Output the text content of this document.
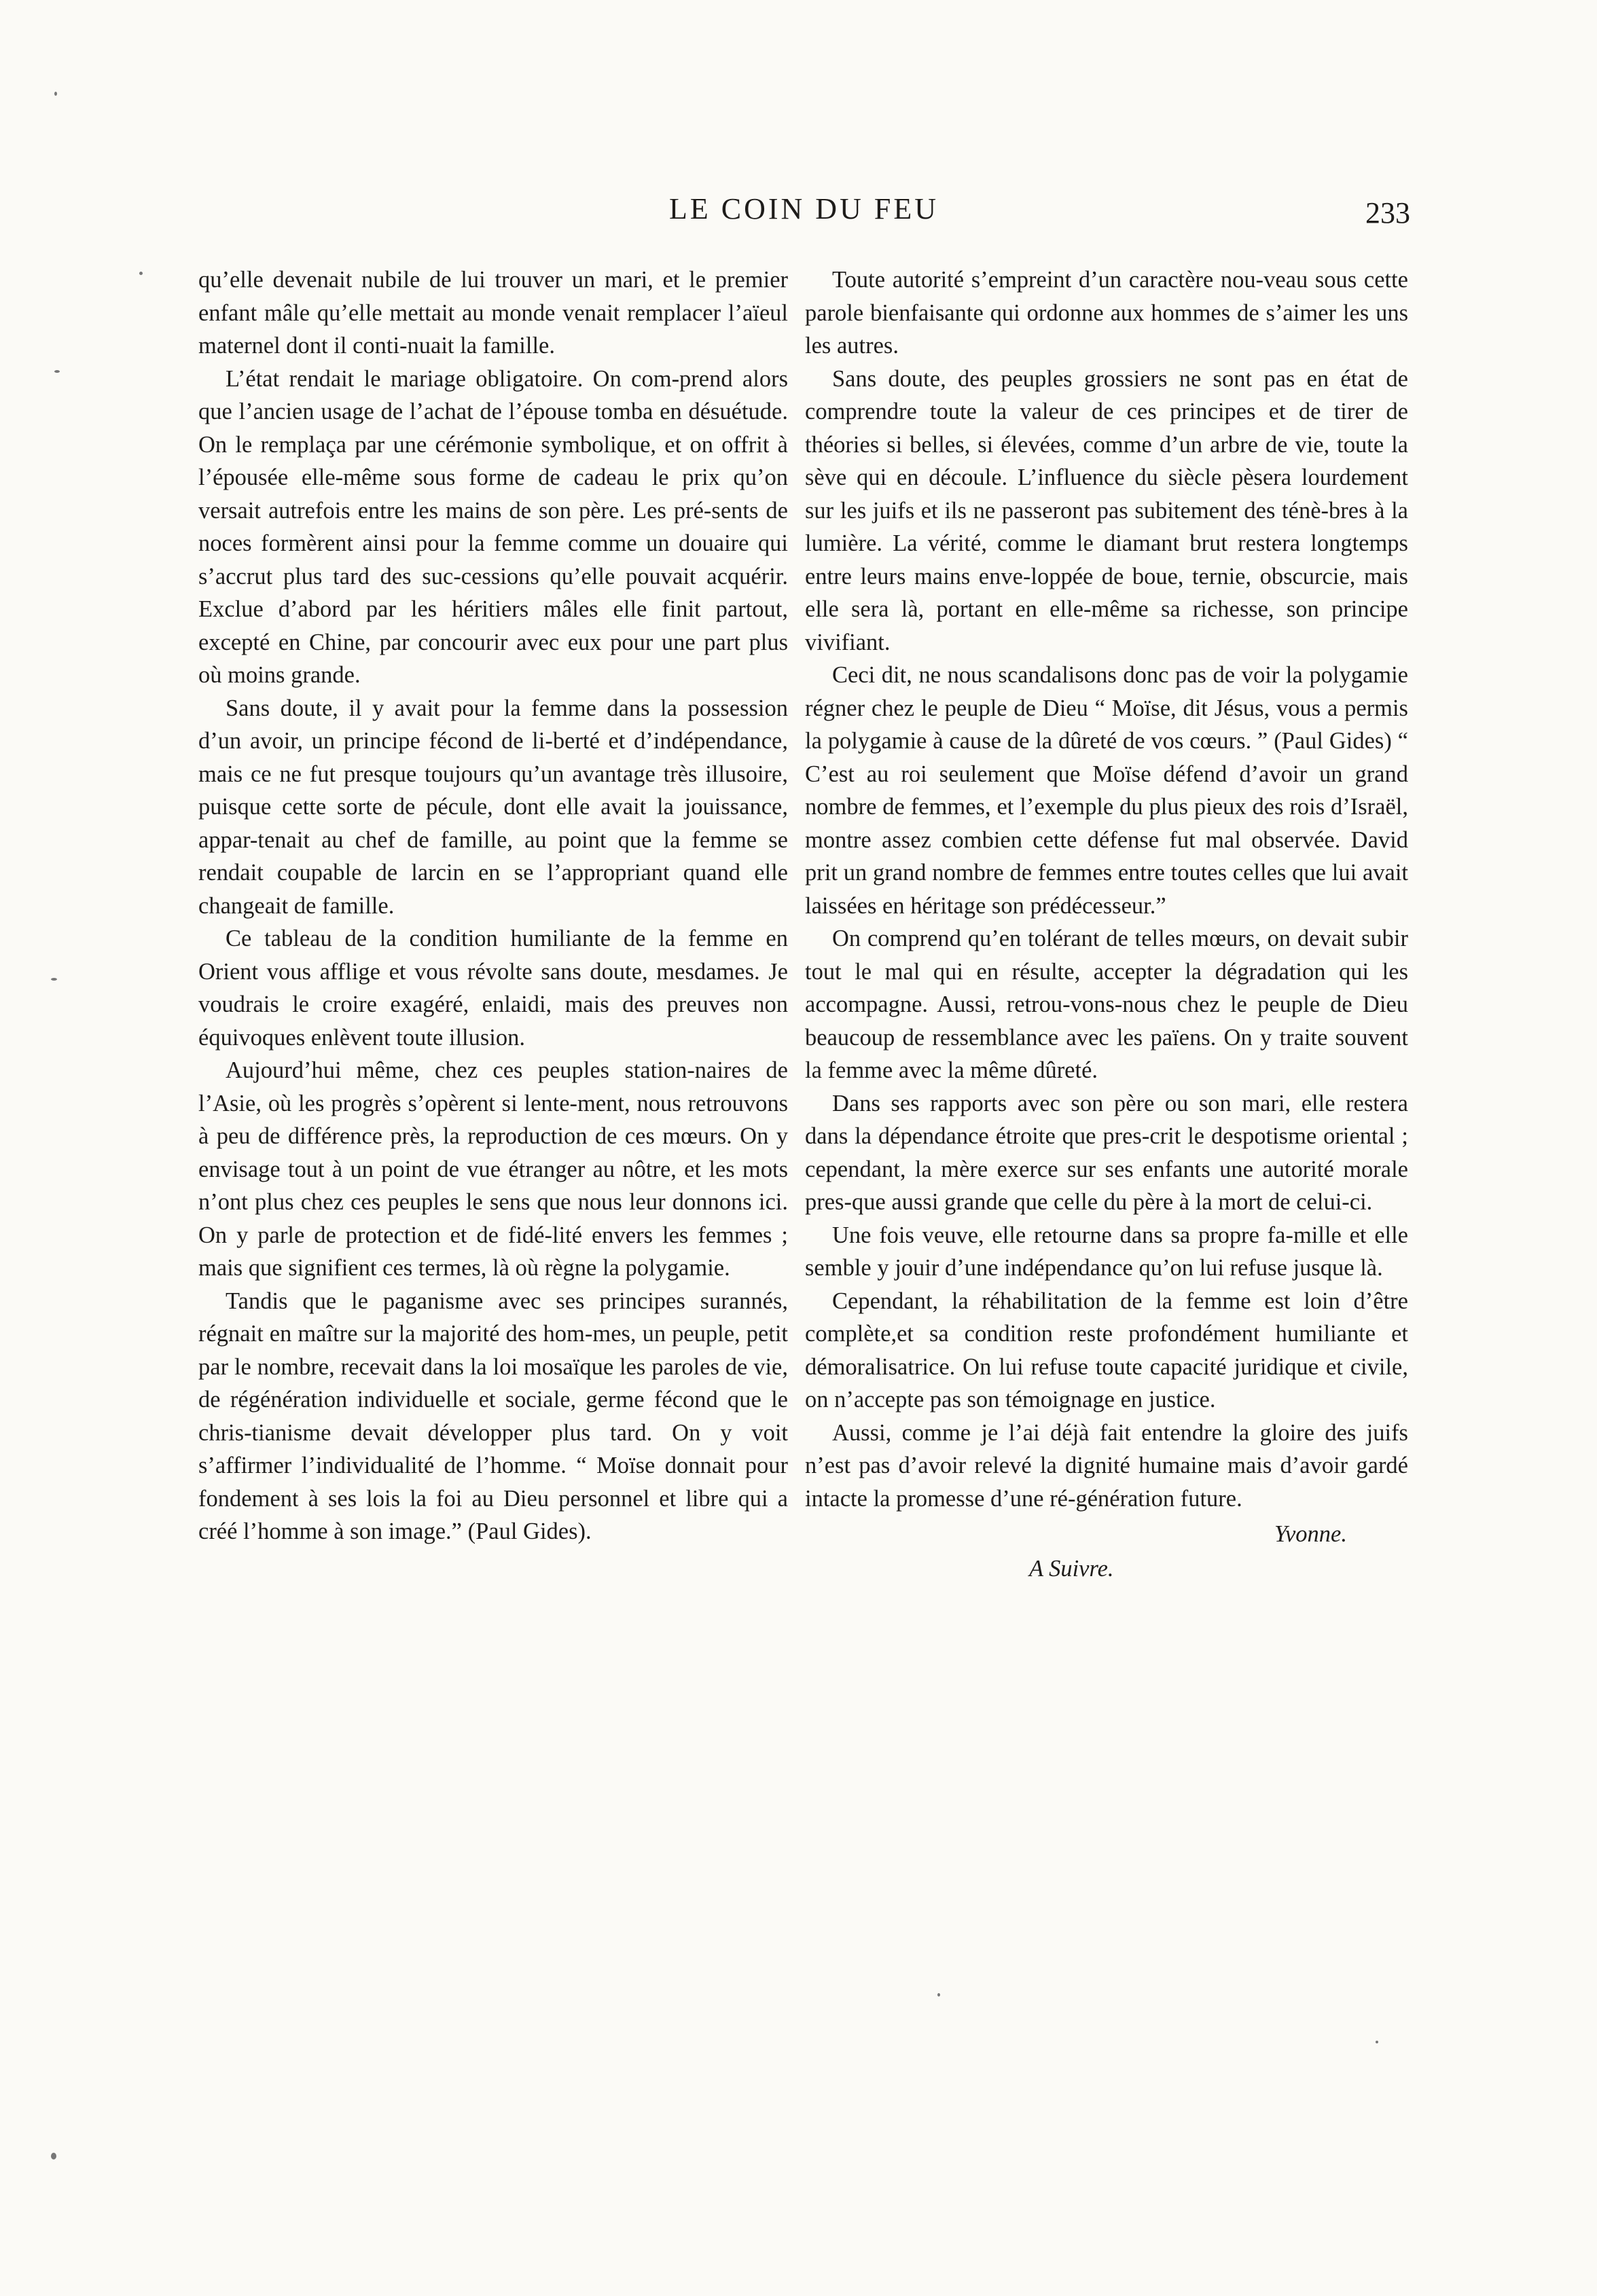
LE COIN DU FEU	233

qu’elle devenait nubile de lui trouver un mari, et le premier enfant mâle qu’elle mettait au monde venait remplacer l’aïeul maternel dont il conti-nuait la famille.

L’état rendait le mariage obligatoire. On com-prend alors que l’ancien usage de l’achat de l’épouse tomba en désuétude. On le remplaça par une cérémonie symbolique, et on offrit à l’épousée elle-même sous forme de cadeau le prix qu’on versait autrefois entre les mains de son père. Les pré-sents de noces formèrent ainsi pour la femme comme un douaire qui s’accrut plus tard des suc-cessions qu’elle pouvait acquérir. Exclue d’abord par les héritiers mâles elle finit partout, excepté en Chine, par concourir avec eux pour une part plus où moins grande.

Sans doute, il y avait pour la femme dans la possession d’un avoir, un principe fécond de li-berté et d’indépendance, mais ce ne fut presque toujours qu’un avantage très illusoire, puisque cette sorte de pécule, dont elle avait la jouissance, appar-tenait au chef de famille, au point que la femme se rendait coupable de larcin en se l’appropriant quand elle changeait de famille.

Ce tableau de la condition humiliante de la femme en Orient vous afflige et vous révolte sans doute, mesdames. Je voudrais le croire exagéré, enlaidi, mais des preuves non équivoques enlèvent toute illusion.

Aujourd’hui même, chez ces peuples station-naires de l’Asie, où les progrès s’opèrent si lente-ment, nous retrouvons à peu de différence près, la reproduction de ces mœurs. On y envisage tout à un point de vue étranger au nôtre, et les mots n’ont plus chez ces peuples le sens que nous leur donnons ici. On y parle de protection et de fidé-lité envers les femmes ; mais que signifient ces termes, là où règne la polygamie.

Tandis que le paganisme avec ses principes surannés, régnait en maître sur la majorité des hom-mes, un peuple, petit par le nombre, recevait dans la loi mosaïque les paroles de vie, de régénération individuelle et sociale, germe fécond que le chris-tianisme devait développer plus tard. On y voit s’affirmer l’individualité de l’homme. “ Moïse donnait pour fondement à ses lois la foi au Dieu personnel et libre qui a créé l’homme à son image.” (Paul Gides).

Toute autorité s’empreint d’un caractère nou-veau sous cette parole bienfaisante qui ordonne aux hommes de s’aimer les uns les autres.

Sans doute, des peuples grossiers ne sont pas en état de comprendre toute la valeur de ces principes et de tirer de théories si belles, si élevées, comme d’un arbre de vie, toute la sève qui en découle. L’influence du siècle pèsera lourdement sur les juifs et ils ne passeront pas subitement des ténè-bres à la lumière. La vérité, comme le diamant brut restera longtemps entre leurs mains enve-loppée de boue, ternie, obscurcie, mais elle sera là, portant en elle-même sa richesse, son principe vivifiant.

Ceci dit, ne nous scandalisons donc pas de voir la polygamie régner chez le peuple de Dieu “ Moïse, dit Jésus, vous a permis la polygamie à cause de la dûreté de vos cœurs. ” (Paul Gides) “ C’est au roi seulement que Moïse défend d’avoir un grand nombre de femmes, et l’exemple du plus pieux des rois d’Israël, montre assez combien cette défense fut mal observée. David prit un grand nombre de femmes entre toutes celles que lui avait laissées en héritage son prédécesseur.”

On comprend qu’en tolérant de telles mœurs, on devait subir tout le mal qui en résulte, accepter la dégradation qui les accompagne. Aussi, retrou-vons-nous chez le peuple de Dieu beaucoup de ressemblance avec les païens. On y traite souvent la femme avec la même dûreté.

Dans ses rapports avec son père ou son mari, elle restera dans la dépendance étroite que pres-crit le despotisme oriental ; cependant, la mère exerce sur ses enfants une autorité morale pres-que aussi grande que celle du père à la mort de celui-ci.

Une fois veuve, elle retourne dans sa propre fa-mille et elle semble y jouir d’une indépendance qu’on lui refuse jusque là.

Cependant, la réhabilitation de la femme est loin d’être complète,et sa condition reste profondément humiliante et démoralisatrice. On lui refuse toute capacité juridique et civile, on n’accepte pas son témoignage en justice.

Aussi, comme je l’ai déjà fait entendre la gloire des juifs n’est pas d’avoir relevé la dignité humaine mais d’avoir gardé intacte la promesse d’une ré-génération future.

Yvonne.
A Suivre.
